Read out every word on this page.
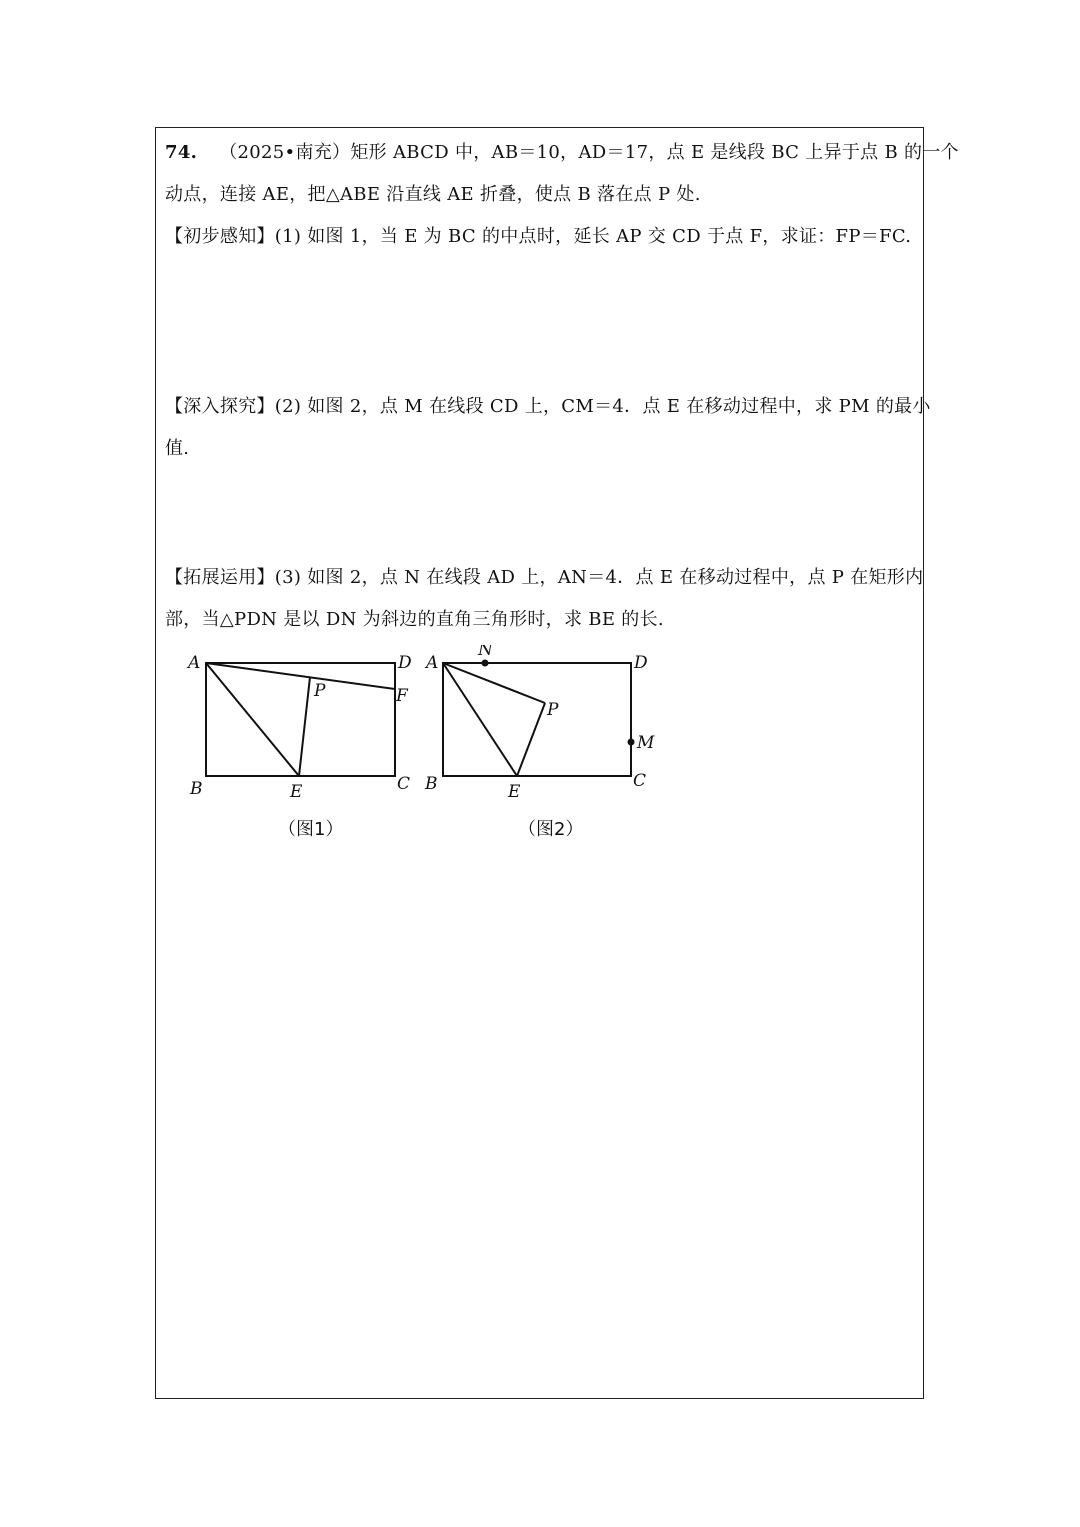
74. （2025•南充）矩形 ABCD 中，AB＝10，AD＝17，点 E 是线段 BC 上异于点 B 的一个
动点，连接 AE，把△ABE 沿直线 AE 折叠，使点 B 落在点 P 处.
【初步感知】(1) 如图 1，当 E 为 BC 的中点时，延长 AP 交 CD 于点 F，求证：FP＝FC.
【深入探究】(2) 如图 2，点 M 在线段 CD 上，CM＝4．点 E 在移动过程中，求 PM 的最小
值.
【拓展运用】(3) 如图 2，点 N 在线段 AD 上，AN＝4．点 E 在移动过程中，点 P 在矩形内
部，当△PDN 是以 DN 为斜边的直角三角形时，求 BE 的长.
A	D
P	F
B	E	C
（图1）
A
N
D
P
M
B	E
C
（图2）
